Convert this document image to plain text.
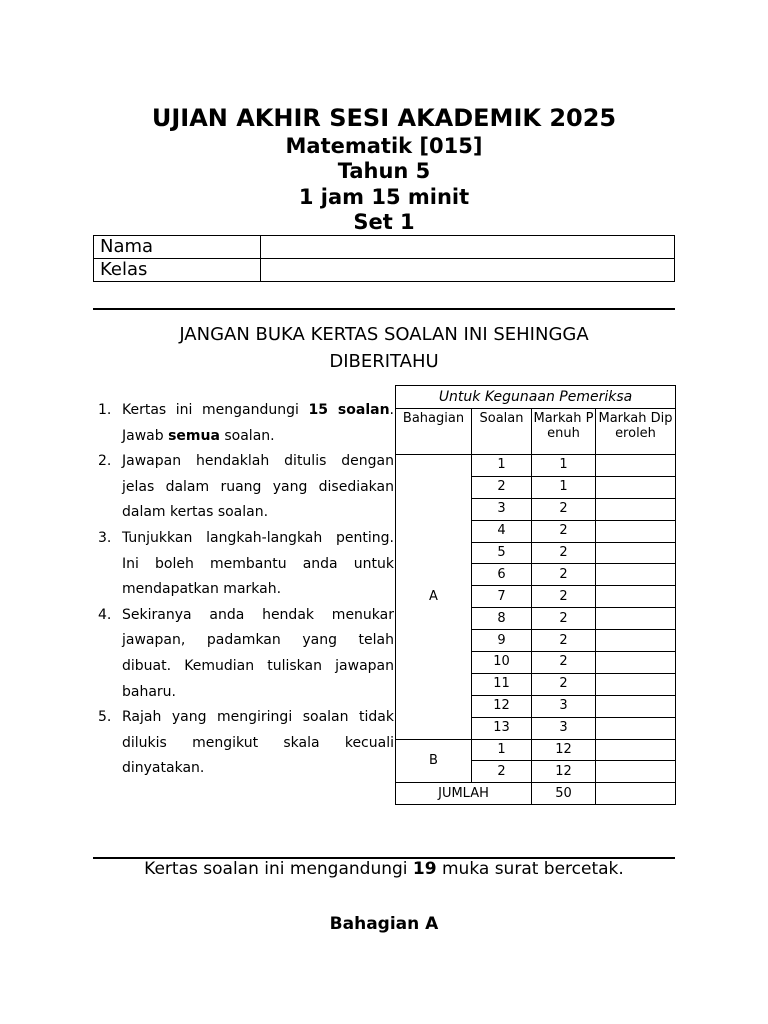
UJIAN AKHIR SESI AKADEMIK 2025
Matematik [015]
Tahun 5
1 jam 15 minit
Set 1
Nama	
Kelas	
JANGAN BUKA KERTAS SOALAN INI SEHINGGA DIBERITAHU
1. Kertas ini mengandungi 15 soalan. Jawab semua soalan.
2. Jawapan hendaklah ditulis dengan jelas dalam ruang yang disediakan dalam kertas soalan.
3. Tunjukkan langkah-langkah penting. Ini boleh membantu anda untuk mendapatkan markah.
4. Sekiranya anda hendak menukar jawapan, padamkan yang telah dibuat. Kemudian tuliskan jawapan baharu.
5. Rajah yang mengiringi soalan tidak dilukis mengikut skala kecuali dinyatakan.
Untuk Kegunaan Pemeriksa			

Bahagian	Soalan	Markah Penuh	Markah Diperoleh

A	1	1	
	2	1	
	3	2	
	4	2	
	5	2	
	6	2	
	7	2	
	8	2	
	9	2	
	10	2	
	11	2	
	12	3	
	13	3	
B	1	12	
	2	12	
JUMLAH		50	
Kertas soalan ini mengandungi 19 muka surat bercetak.
Bahagian A
